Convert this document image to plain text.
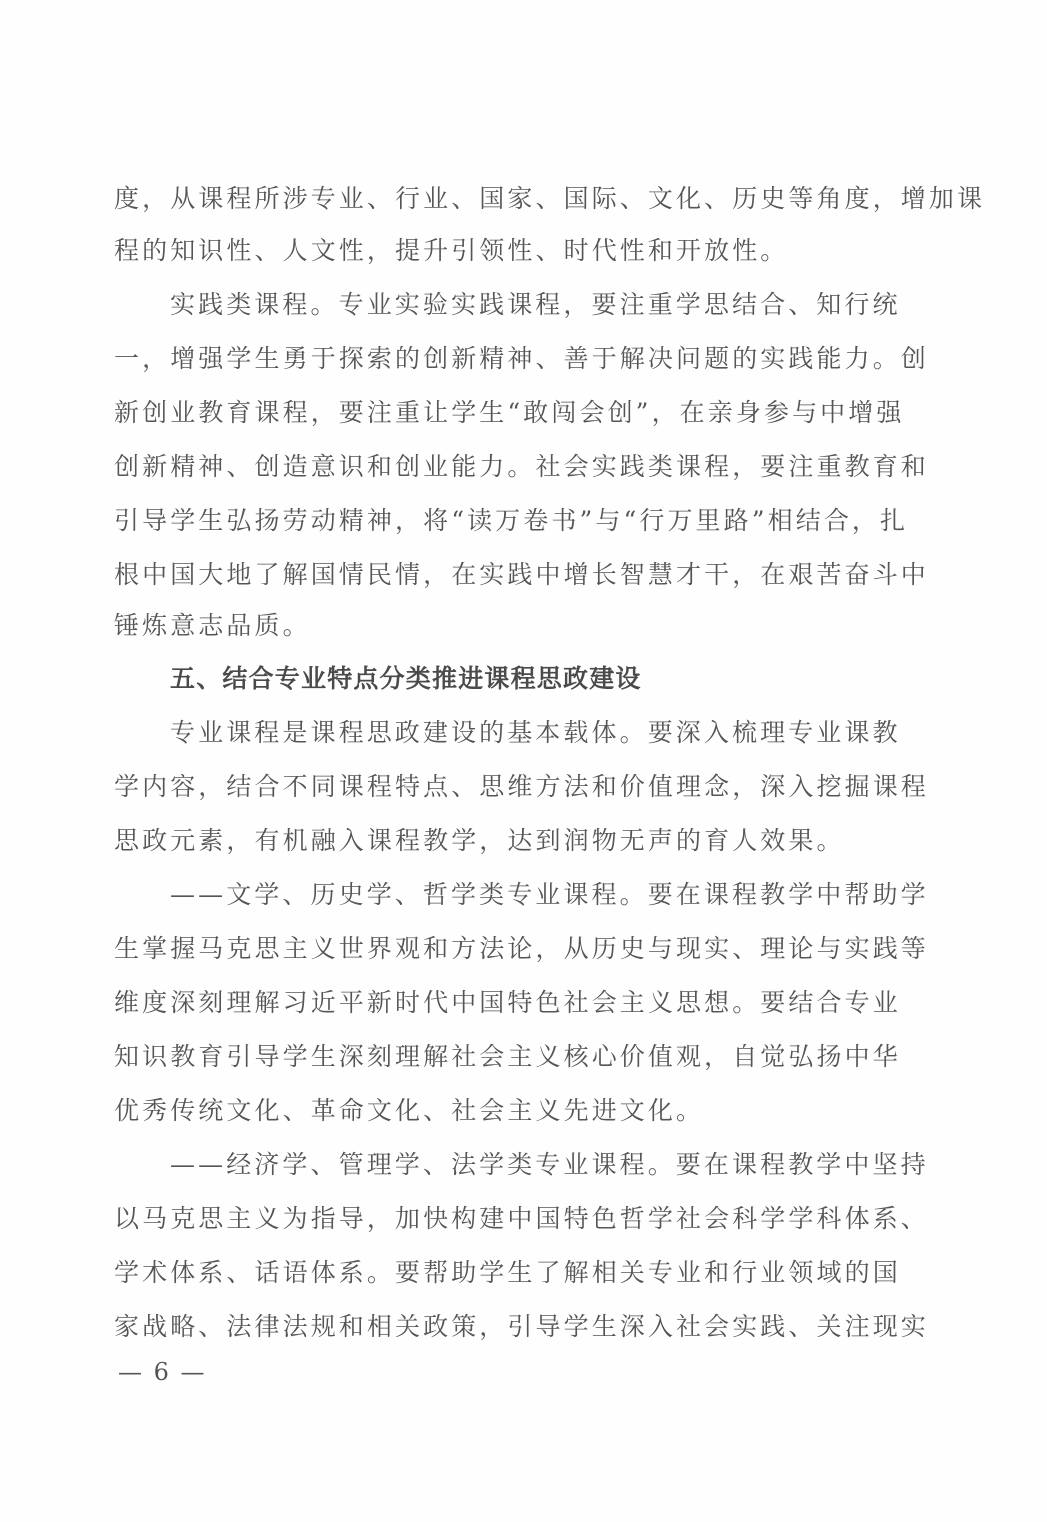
度，从课程所涉专业、行业、国家、国际、文化、历史等角度，增加课
程的知识性、人文性，提升引领性、时代性和开放性。
实践类课程。专业实验实践课程，要注重学思结合、知行统
一，增强学生勇于探索的创新精神、善于解决问题的实践能力。创
新创业教育课程，要注重让学生“敢闯会创”，在亲身参与中增强
创新精神、创造意识和创业能力。社会实践类课程，要注重教育和
引导学生弘扬劳动精神，将“读万卷书”与“行万里路”相结合，扎
根中国大地了解国情民情，在实践中增长智慧才干，在艰苦奋斗中
锤炼意志品质。
五、结合专业特点分类推进课程思政建设
专业课程是课程思政建设的基本载体。要深入梳理专业课教
学内容，结合不同课程特点、思维方法和价值理念，深入挖掘课程
思政元素，有机融入课程教学，达到润物无声的育人效果。
——文学、历史学、哲学类专业课程。要在课程教学中帮助学
生掌握马克思主义世界观和方法论，从历史与现实、理论与实践等
维度深刻理解习近平新时代中国特色社会主义思想。要结合专业
知识教育引导学生深刻理解社会主义核心价值观，自觉弘扬中华
优秀传统文化、革命文化、社会主义先进文化。
——经济学、管理学、法学类专业课程。要在课程教学中坚持
以马克思主义为指导，加快构建中国特色哲学社会科学学科体系、
学术体系、话语体系。要帮助学生了解相关专业和行业领域的国
家战略、法律法规和相关政策，引导学生深入社会实践、关注现实
— 6 —
